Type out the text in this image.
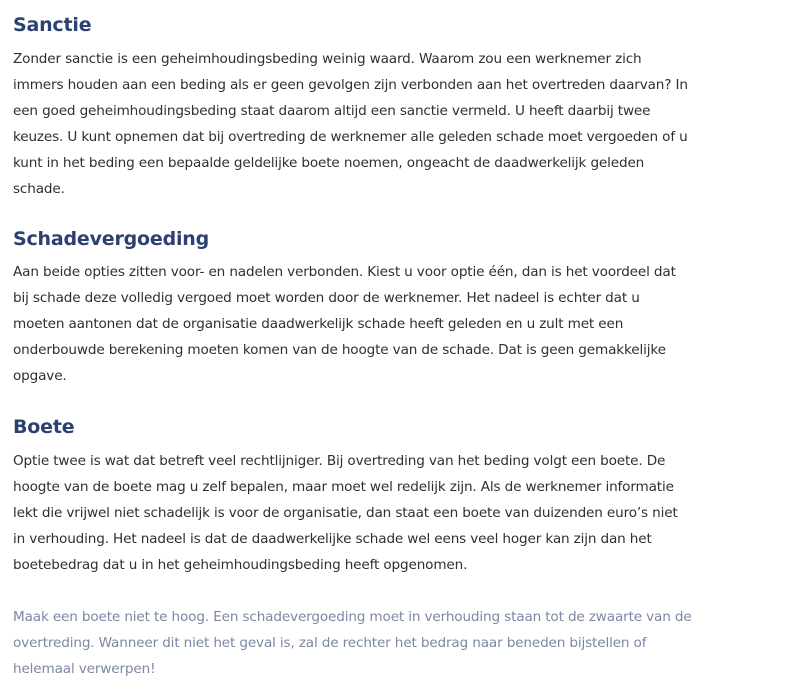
Sanctie
Zonder sanctie is een geheimhoudingsbeding weinig waard. Waarom zou een werknemer zich
immers houden aan een beding als er geen gevolgen zijn verbonden aan het overtreden daarvan? In
een goed geheimhoudingsbeding staat daarom altijd een sanctie vermeld. U heeft daarbij twee
keuzes. U kunt opnemen dat bij overtreding de werknemer alle geleden schade moet vergoeden of u
kunt in het beding een bepaalde geldelijke boete noemen, ongeacht de daadwerkelijk geleden
schade.
Schadevergoeding
Aan beide opties zitten voor- en nadelen verbonden. Kiest u voor optie één, dan is het voordeel dat
bij schade deze volledig vergoed moet worden door de werknemer. Het nadeel is echter dat u
moeten aantonen dat de organisatie daadwerkelijk schade heeft geleden en u zult met een
onderbouwde berekening moeten komen van de hoogte van de schade. Dat is geen gemakkelijke
opgave.
Boete
Optie twee is wat dat betreft veel rechtlijniger. Bij overtreding van het beding volgt een boete. De
hoogte van de boete mag u zelf bepalen, maar moet wel redelijk zijn. Als de werknemer informatie
lekt die vrijwel niet schadelijk is voor de organisatie, dan staat een boete van duizenden euro’s niet
in verhouding. Het nadeel is dat de daadwerkelijke schade wel eens veel hoger kan zijn dan het
boetebedrag dat u in het geheimhoudingsbeding heeft opgenomen.
Maak een boete niet te hoog. Een schadevergoeding moet in verhouding staan tot de zwaarte van de
overtreding. Wanneer dit niet het geval is, zal de rechter het bedrag naar beneden bijstellen of
helemaal verwerpen!
